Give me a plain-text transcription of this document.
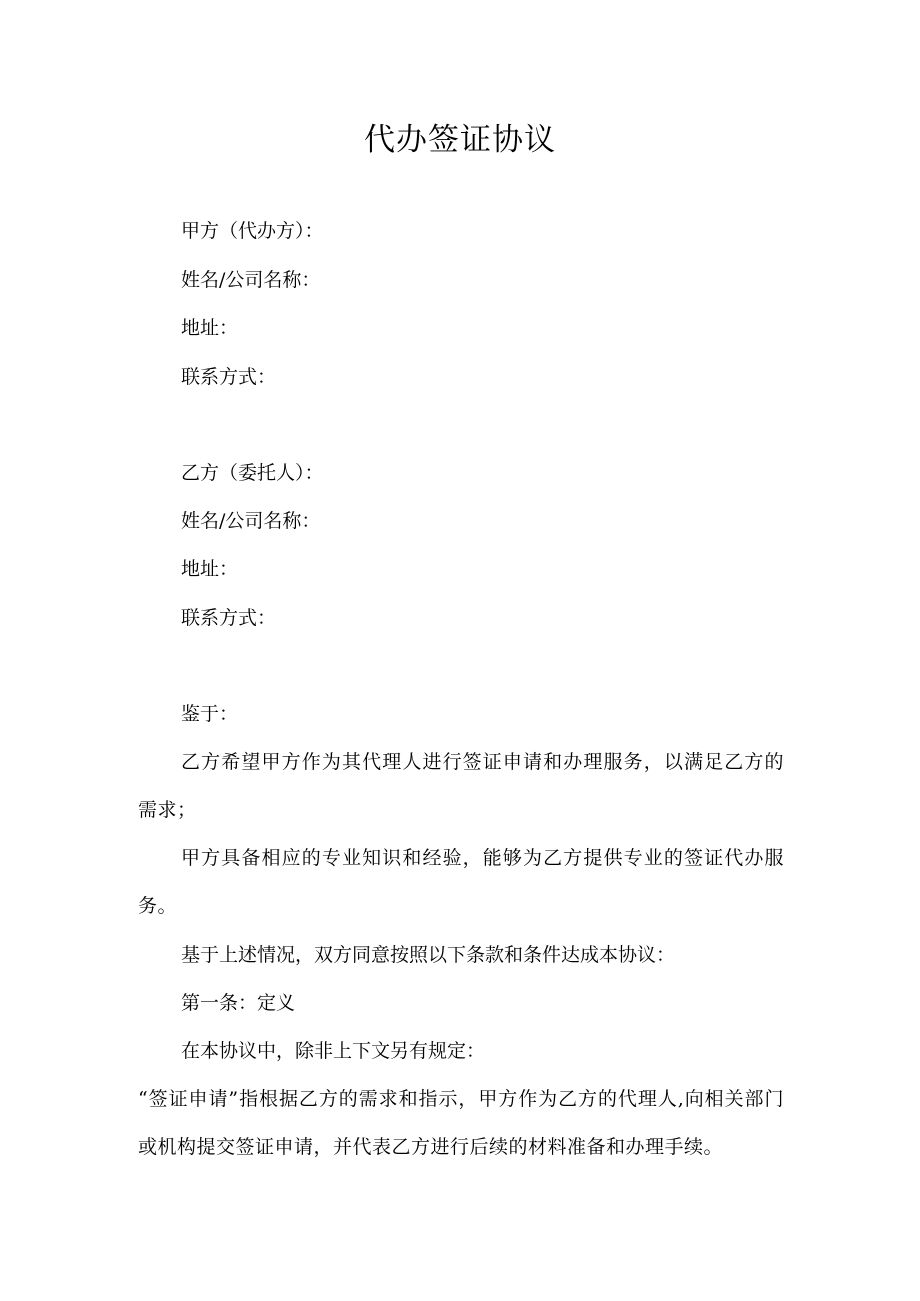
代办签证协议

甲方（代办方）：

姓名/公司名称：

地址：

联系方式：

乙方（委托人）：

姓名/公司名称：

地址：

联系方式：

鉴于：

乙方希望甲方作为其代理人进行签证申请和办理服务，以满足乙方的需求；

甲方具备相应的专业知识和经验，能够为乙方提供专业的签证代办服务。

基于上述情况，双方同意按照以下条款和条件达成本协议：

第一条：定义

在本协议中，除非上下文另有规定：

“签证申请”指根据乙方的需求和指示，甲方作为乙方的代理人,向相关部门或机构提交签证申请，并代表乙方进行后续的材料准备和办理手续。
